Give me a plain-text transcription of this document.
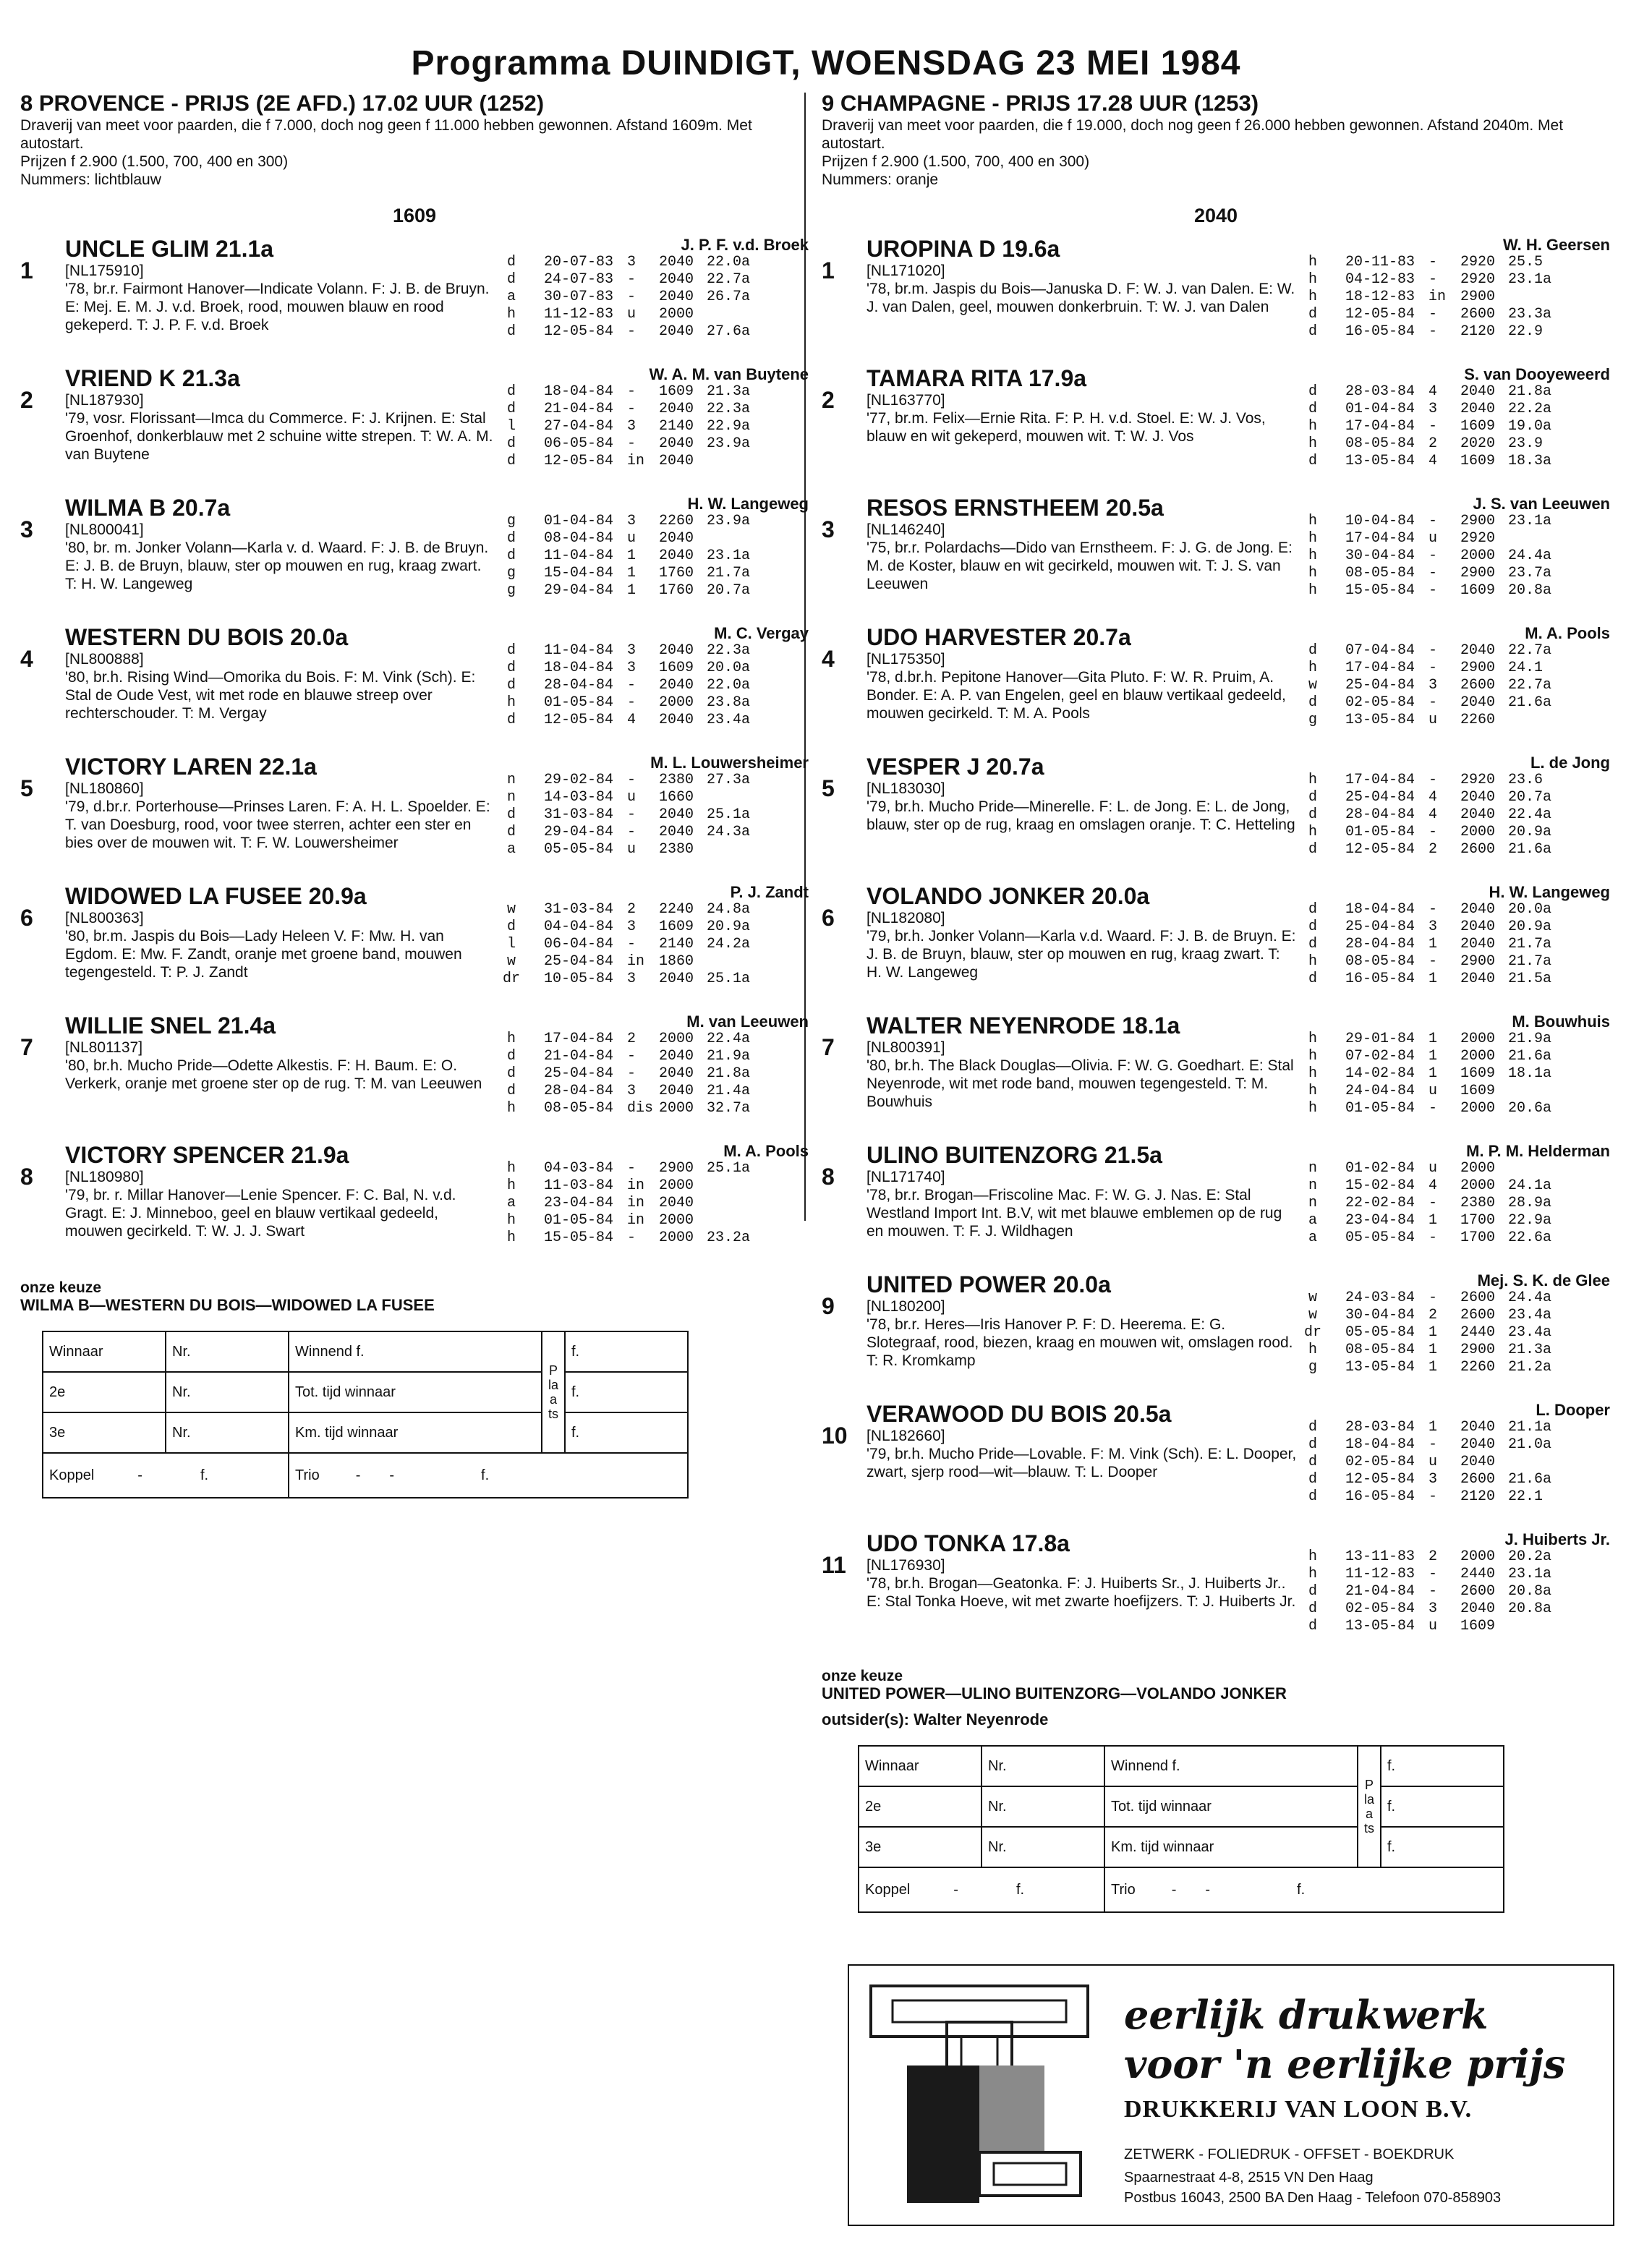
Programma DUINDIGT, WOENSDAG 23 MEI 1984
8 PROVENCE - PRIJS (2E AFD.) 17.02 UUR (1252)
Draverij van meet voor paarden, die f 7.000, doch nog geen f 11.000 hebben gewonnen. Afstand 1609m. Met autostart.
Prijzen f 2.900 (1.500, 700, 400 en 300)
Nummers: lichtblauw
1609
1
UNCLE GLIM 21.1a
[NL175910]
'78, br.r. Fairmont Hanover—Indicate Volann. F: J. B. de Bruyn. E: Mej. E. M. J. v.d. Broek, rood, mouwen blauw en rood gekeperd. T: J. P. F. v.d. Broek
J. P. F. v.d. Broek
d	20-07-83 3	2040 22.0a
d	24-07-83 -	2040 22.7a
a	30-07-83 -	2040 26.7a
h	11-12-83 u	2000
d	12-05-84 -	2040 27.6a
2
VRIEND K 21.3a
[NL187930]
'79, vosr. Florissant—Imca du Commerce. F: J. Krijnen. E: Stal Groenhof, donkerblauw met 2 schuine witte strepen. T: W. A. M. van Buytene
W. A. M. van Buytene
d	18-04-84 -	1609 21.3a
d	21-04-84 -	2040 22.3a
l	27-04-84 3	2140 22.9a
d	06-05-84 -	2040 23.9a
d	12-05-84 in 2040
3
WILMA B 20.7a
[NL800041]
'80, br. m. Jonker Volann—Karla v. d. Waard. F: J. B. de Bruyn. E: J. B. de Bruyn, blauw, ster op mouwen en rug, kraag zwart. T: H. W. Langeweg
H. W. Langeweg
g	01-04-84 3	2260 23.9a
d	08-04-84 u	2040
d	11-04-84 1	2040 23.1a
g	15-04-84 1	1760 21.7a
g	29-04-84 1	1760 20.7a
4
WESTERN DU BOIS 20.0a
[NL800888]
'80, br.h. Rising Wind—Omorika du Bois. F: M. Vink (Sch). E: Stal de Oude Vest, wit met rode en blauwe streep over rechterschouder. T: M. Vergay
M. C. Vergay
d	11-04-84 3	2040 22.3a
d	18-04-84 3	1609 20.0a
d	28-04-84 -	2040 22.0a
h	01-05-84 -	2000 23.8a
d	12-05-84 4	2040 23.4a
5
VICTORY LAREN 22.1a
[NL180860]
'79, d.br.r. Porterhouse—Prinses Laren. F: A. H. L. Spoelder. E: T. van Doesburg, rood, voor twee sterren, achter een ster en bies over de mouwen wit. T: F. W. Louwersheimer
M. L. Louwersheimer
n	29-02-84 -	2380 27.3a
n	14-03-84 u	1660
d	31-03-84 -	2040 25.1a
d	29-04-84 -	2040 24.3a
a	05-05-84 u	2380
6
WIDOWED LA FUSEE 20.9a
[NL800363]
'80, br.m. Jaspis du Bois—Lady Heleen V. F: Mw. H. van Egdom. E: Mw. F. Zandt, oranje met groene band, mouwen tegengesteld. T: P. J. Zandt
P. J. Zandt
w	31-03-84 2	2240 24.8a
d	04-04-84 3	1609 20.9a
l	06-04-84 -	2140 24.2a
w	25-04-84 in 1860
dr 10-05-84 3	2040 25.1a
7
WILLIE SNEL 21.4a
[NL801137]
'80, br.h. Mucho Pride—Odette Alkestis. F: H. Baum. E: O. Verkerk, oranje met groene ster op de rug. T: M. van Leeuwen
M. van Leeuwen
h	17-04-84 2	2000 22.4a
d	21-04-84 -	2040 21.9a
d	25-04-84 -	2040 21.8a
d	28-04-84 3	2040 21.4a
h	08-05-84 dis 2000 32.7a
8
VICTORY SPENCER 21.9a
[NL180980]
'79, br. r. Millar Hanover—Lenie Spencer. F: C. Bal, N. v.d. Gragt. E: J. Minneboo, geel en blauw vertikaal gedeeld, mouwen gecirkeld. T: W. J. J. Swart
M. A. Pools
h	04-03-84 -	2900 25.1a
h	11-03-84 in 2000
a	23-04-84 in 2040
h	01-05-84 in 2000
h	15-05-84 -	2000 23.2a
onze keuze
WILMA B—WESTERN DU BOIS—WIDOWED LA FUSEE
Winnaar	Nr.	Winnend f.	Plaats	f.
2e	Nr.	Tot. tijd winnaar		f.
3e	Nr.	Km. tijd winnaar		f.
Koppel - f.		Trio - - f.		
9 CHAMPAGNE - PRIJS 17.28 UUR (1253)
Draverij van meet voor paarden, die f 19.000, doch nog geen f 26.000 hebben gewonnen. Afstand 2040m. Met autostart.
Prijzen f 2.900 (1.500, 700, 400 en 300)
Nummers: oranje
2040
1
UROPINA D 19.6a
[NL171020]
'78, br.m. Jaspis du Bois—Januska D. F: W. J. van Dalen. E: W. J. van Dalen, geel, mouwen donkerbruin. T: W. J. van Dalen
W. H. Geersen
h	20-11-83 -	2920 25.5
h	04-12-83 -	2920 23.1a
h	18-12-83 in 2900
d	12-05-84 -	2600 23.3a
d	16-05-84 -	2120 22.9
2
TAMARA RITA 17.9a
[NL163770]
'77, br.m. Felix—Ernie Rita. F: P. H. v.d. Stoel. E: W. J. Vos, blauw en wit gekeperd, mouwen wit. T: W. J. Vos
S. van Dooyeweerd
d	28-03-84 4	2040 21.8a
d	01-04-84 3	2040 22.2a
h	17-04-84 -	1609 19.0a
h	08-05-84 2	2020 23.9
d	13-05-84 4	1609 18.3a
3
RESOS ERNSTHEEM 20.5a
[NL146240]
'75, br.r. Polardachs—Dido van Ernstheem. F: J. G. de Jong. E: M. de Koster, blauw en wit gecirkeld, mouwen wit. T: J. S. van Leeuwen
J. S. van Leeuwen
h	10-04-84 -	2900 23.1a
h	17-04-84 u	2920
h	30-04-84 -	2000 24.4a
h	08-05-84 -	2900 23.7a
h	15-05-84 -	1609 20.8a
4
UDO HARVESTER 20.7a
[NL175350]
'78, d.br.h. Pepitone Hanover—Gita Pluto. F: W. R. Pruim, A. Bonder. E: A. P. van Engelen, geel en blauw vertikaal gedeeld, mouwen gecirkeld. T: M. A. Pools
M. A. Pools
d	07-04-84 -	2040 22.7a
h	17-04-84 -	2900 24.1
w	25-04-84 3	2600 22.7a
d	02-05-84 -	2040 21.6a
g	13-05-84 u	2260
5
VESPER J 20.7a
[NL183030]
'79, br.h. Mucho Pride—Minerelle. F: L. de Jong. E: L. de Jong, blauw, ster op de rug, kraag en omslagen oranje. T: C. Hetteling
L. de Jong
h	17-04-84 -	2920 23.6
d	25-04-84 4	2040 20.7a
d	28-04-84 4	2040 22.4a
h	01-05-84 -	2000 20.9a
d	12-05-84 2	2600 21.6a
6
VOLANDO JONKER 20.0a
[NL182080]
'79, br.h. Jonker Volann—Karla v.d. Waard. F: J. B. de Bruyn. E: J. B. de Bruyn, blauw, ster op mouwen en rug, kraag zwart. T: H. W. Langeweg
H. W. Langeweg
d	18-04-84 -	2040 20.0a
d	25-04-84 3	2040 20.9a
d	28-04-84 1	2040 21.7a
h	08-05-84 -	2900 21.7a
d	16-05-84 1	2040 21.5a
7
WALTER NEYENRODE 18.1a
[NL800391]
'80, br.h. The Black Douglas—Olivia. F: W. G. Goedhart. E: Stal Neyenrode, wit met rode band, mouwen tegengesteld. T: M. Bouwhuis
M. Bouwhuis
h	29-01-84 1	2000 21.9a
h	07-02-84 1	2000 21.6a
h	14-02-84 1	1609 18.1a
h	24-04-84 u	1609
h	01-05-84 -	2000 20.6a
8
ULINO BUITENZORG 21.5a
[NL171740]
'78, br.r. Brogan—Friscoline Mac. F: W. G. J. Nas. E: Stal Westland Import Int. B.V, wit met blauwe emblemen op de rug en mouwen. T: F. J. Wildhagen
M. P. M. Helderman
n	01-02-84 u	2000
n	15-02-84 4	2000 24.1a
n	22-02-84 -	2380 28.9a
a	23-04-84 1	1700 22.9a
a	05-05-84 -	1700 22.6a
9
UNITED POWER 20.0a
[NL180200]
'78, br.r. Heres—Iris Hanover P. F: D. Heerema. E: G. Slotegraaf, rood, biezen, kraag en mouwen wit, omslagen rood. T: R. Kromkamp
Mej. S. K. de Glee
w	24-03-84 -	2600 24.4a
w	30-04-84 2	2600 23.4a
dr 05-05-84 1	2440 23.4a
h	08-05-84 1	2900 21.3a
g	13-05-84 1	2260 21.2a
10
VERAWOOD DU BOIS 20.5a
[NL182660]
'79, br.h. Mucho Pride—Lovable. F: M. Vink (Sch). E: L. Dooper, zwart, sjerp rood—wit—blauw. T: L. Dooper
L. Dooper
d	28-03-84 1	2040 21.1a
d	18-04-84 -	2040 21.0a
d	02-05-84 u	2040
d	12-05-84 3	2600 21.6a
d	16-05-84 -	2120 22.1
11
UDO TONKA 17.8a
[NL176930]
'78, br.h. Brogan—Geatonka. F: J. Huiberts Sr., J. Huiberts Jr.. E: Stal Tonka Hoeve, wit met zwarte hoefijzers. T: J. Huiberts Jr.
J. Huiberts Jr.
h	13-11-83 2	2000 20.2a
h	11-12-83 -	2440 23.1a
d	21-04-84 -	2600 20.8a
d	02-05-84 3	2040 20.8a
d	13-05-84 u	1609
onze keuze
UNITED POWER—ULINO BUITENZORG—VOLANDO JONKER
outsider(s): Walter Neyenrode
Winnaar	Nr.	Winnend f.	Plaats	f.
2e	Nr.	Tot. tijd winnaar		f.
3e	Nr.	Km. tijd winnaar		f.
Koppel - f.		Trio - - f.		
eerlijk drukwerk
voor 'n eerlijke prijs
DRUKKERIJ VAN LOON B.V.
ZETWERK - FOLIEDRUK - OFFSET - BOEKDRUK
Spaarnestraat 4-8, 2515 VN Den Haag
Postbus 16043, 2500 BA Den Haag - Telefoon 070-858903
